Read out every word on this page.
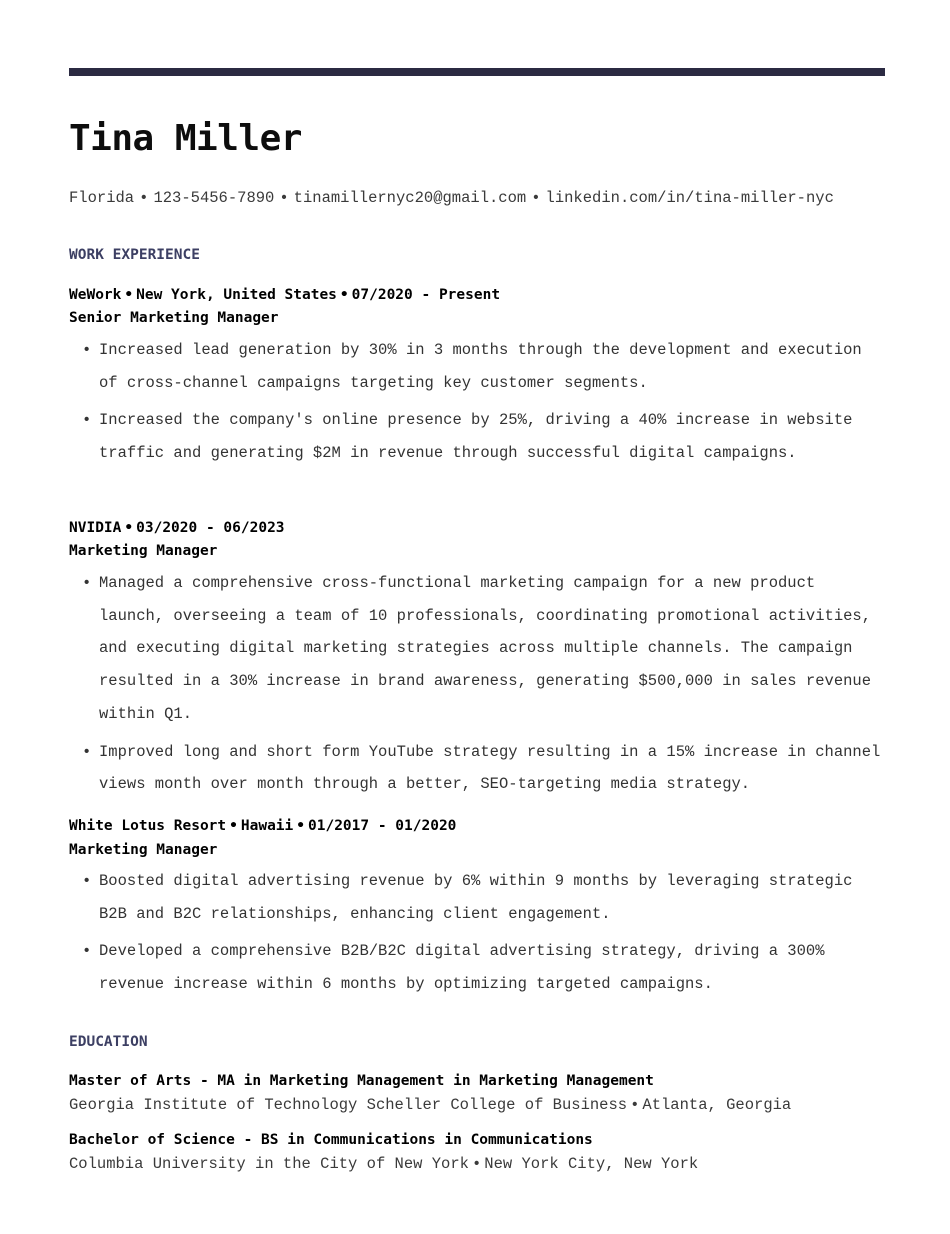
Tina Miller
Florida • 123-5456-7890 • tinamillernyc20@gmail.com • linkedin.com/in/tina-miller-nyc
WORK EXPERIENCE
WeWork • New York, United States • 07/2020 - Present
Senior Marketing Manager
• Increased lead generation by 30% in 3 months through the development and execution of cross-channel campaigns targeting key customer segments.
• Increased the company's online presence by 25%, driving a 40% increase in website traffic and generating $2M in revenue through successful digital campaigns.
NVIDIA • 03/2020 - 06/2023
Marketing Manager
• Managed a comprehensive cross-functional marketing campaign for a new product launch, overseeing a team of 10 professionals, coordinating promotional activities, and executing digital marketing strategies across multiple channels. The campaign resulted in a 30% increase in brand awareness, generating $500,000 in sales revenue within Q1.
• Improved long and short form YouTube strategy resulting in a 15% increase in channel views month over month through a better, SEO-targeting media strategy.
White Lotus Resort • Hawaii • 01/2017 - 01/2020
Marketing Manager
• Boosted digital advertising revenue by 6% within 9 months by leveraging strategic B2B and B2C relationships, enhancing client engagement.
• Developed a comprehensive B2B/B2C digital advertising strategy, driving a 300% revenue increase within 6 months by optimizing targeted campaigns.
EDUCATION
Master of Arts - MA in Marketing Management in Marketing Management
Georgia Institute of Technology Scheller College of Business • Atlanta, Georgia
Bachelor of Science - BS in Communications in Communications
Columbia University in the City of New York • New York City, New York
